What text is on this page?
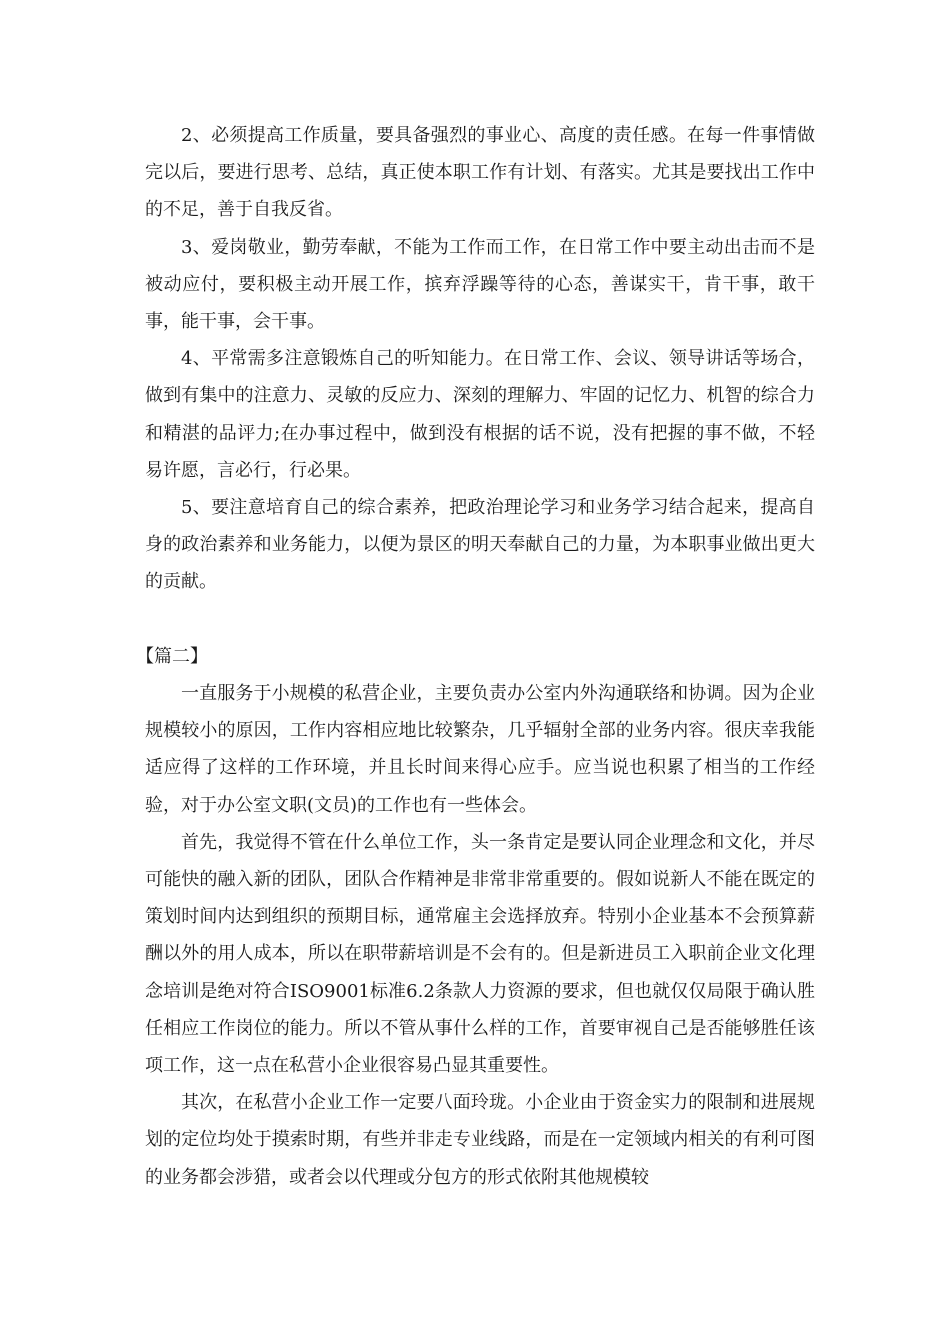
2、必须提高工作质量，要具备强烈的事业心、高度的责任感。在每一件事情做完以后，要进行思考、总结，真正使本职工作有计划、有落实。尤其是要找出工作中的不足，善于自我反省。

3、爱岗敬业，勤劳奉献，不能为工作而工作，在日常工作中要主动出击而不是被动应付，要积极主动开展工作，摈弃浮躁等待的心态，善谋实干，肯干事，敢干事，能干事，会干事。

4、平常需多注意锻炼自己的听知能力。在日常工作、会议、领导讲话等场合，做到有集中的注意力、灵敏的反应力、深刻的理解力、牢固的记忆力、机智的综合力和精湛的品评力;在办事过程中，做到没有根据的话不说，没有把握的事不做，不轻易许愿，言必行，行必果。

5、要注意培育自己的综合素养，把政治理论学习和业务学习结合起来，提高自身的政治素养和业务能力，以便为景区的明天奉献自己的力量，为本职事业做出更大的贡献。

【篇二】

一直服务于小规模的私营企业，主要负责办公室内外沟通联络和协调。因为企业规模较小的原因，工作内容相应地比较繁杂，几乎辐射全部的业务内容。很庆幸我能适应得了这样的工作环境，并且长时间来得心应手。应当说也积累了相当的工作经验，对于办公室文职(文员)的工作也有一些体会。

首先，我觉得不管在什么单位工作，头一条肯定是要认同企业理念和文化，并尽可能快的融入新的团队，团队合作精神是非常非常重要的。假如说新人不能在既定的策划时间内达到组织的预期目标，通常雇主会选择放弃。特别小企业基本不会预算薪酬以外的用人成本，所以在职带薪培训是不会有的。但是新进员工入职前企业文化理念培训是绝对符合ISO9001标准6.2条款人力资源的要求，但也就仅仅局限于确认胜任相应工作岗位的能力。所以不管从事什么样的工作，首要审视自己是否能够胜任该项工作，这一点在私营小企业很容易凸显其重要性。

其次，在私营小企业工作一定要八面玲珑。小企业由于资金实力的限制和进展规划的定位均处于摸索时期，有些并非走专业线路，而是在一定领域内相关的有利可图的业务都会涉猎，或者会以代理或分包方的形式依附其他规模较
